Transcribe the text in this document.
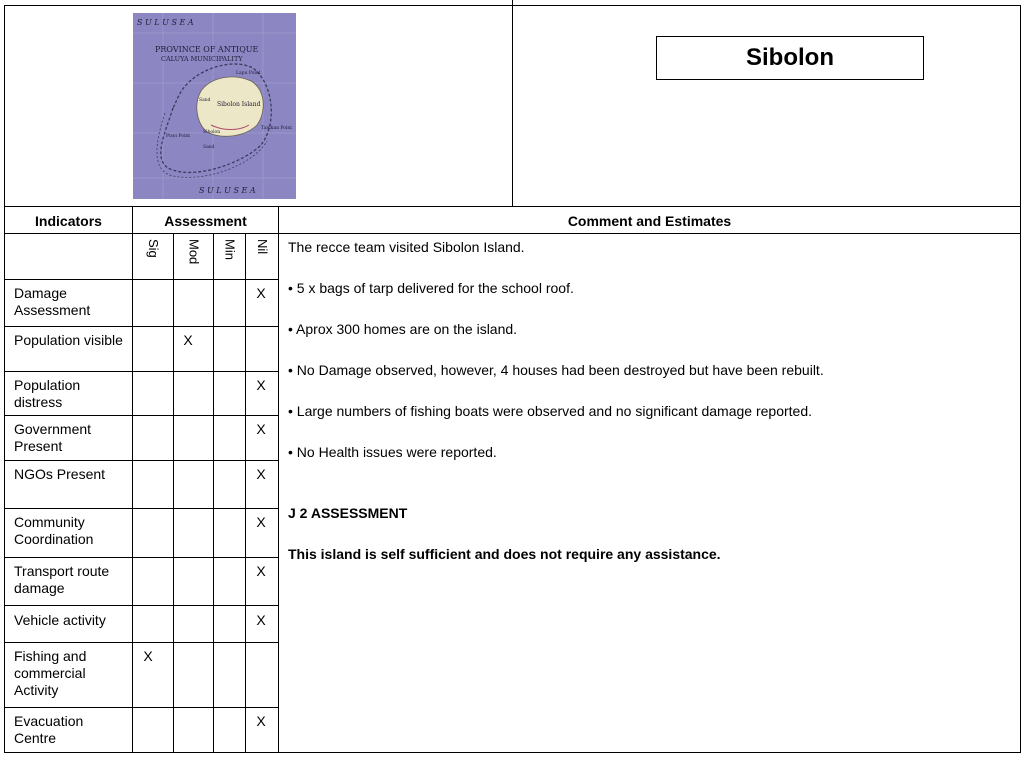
S U L U S E A
PROVINCE OF ANTIQUE
CALUYA MUNICIPALITY
Sibolon Island
Lapu Point
Sand
Pisoi Point
Tanikan Point
Sibolon
Sand
S U L U S E A
Sibolon
Indicators	Assessment	Comment and Estimates
Sig Mod Min Nil
Damage Assessment
Population visible
Population distress
Government Present
NGOs Present
Community Coordination
Transport route damage
Vehicle activity
Fishing and commercial Activity
Evacuation Centre
X
X
X
X
X
X
X
X
X
X
The recce team visited Sibolon Island.
• 5 x bags of tarp delivered for the school roof.
• Aprox 300 homes are on the island.
• No Damage observed, however, 4 houses had been destroyed but have been rebuilt.
• Large numbers of fishing boats were observed and no significant damage reported.
• No Health issues were reported.
J 2 ASSESSMENT
This island is self sufficient and does not require any assistance.
